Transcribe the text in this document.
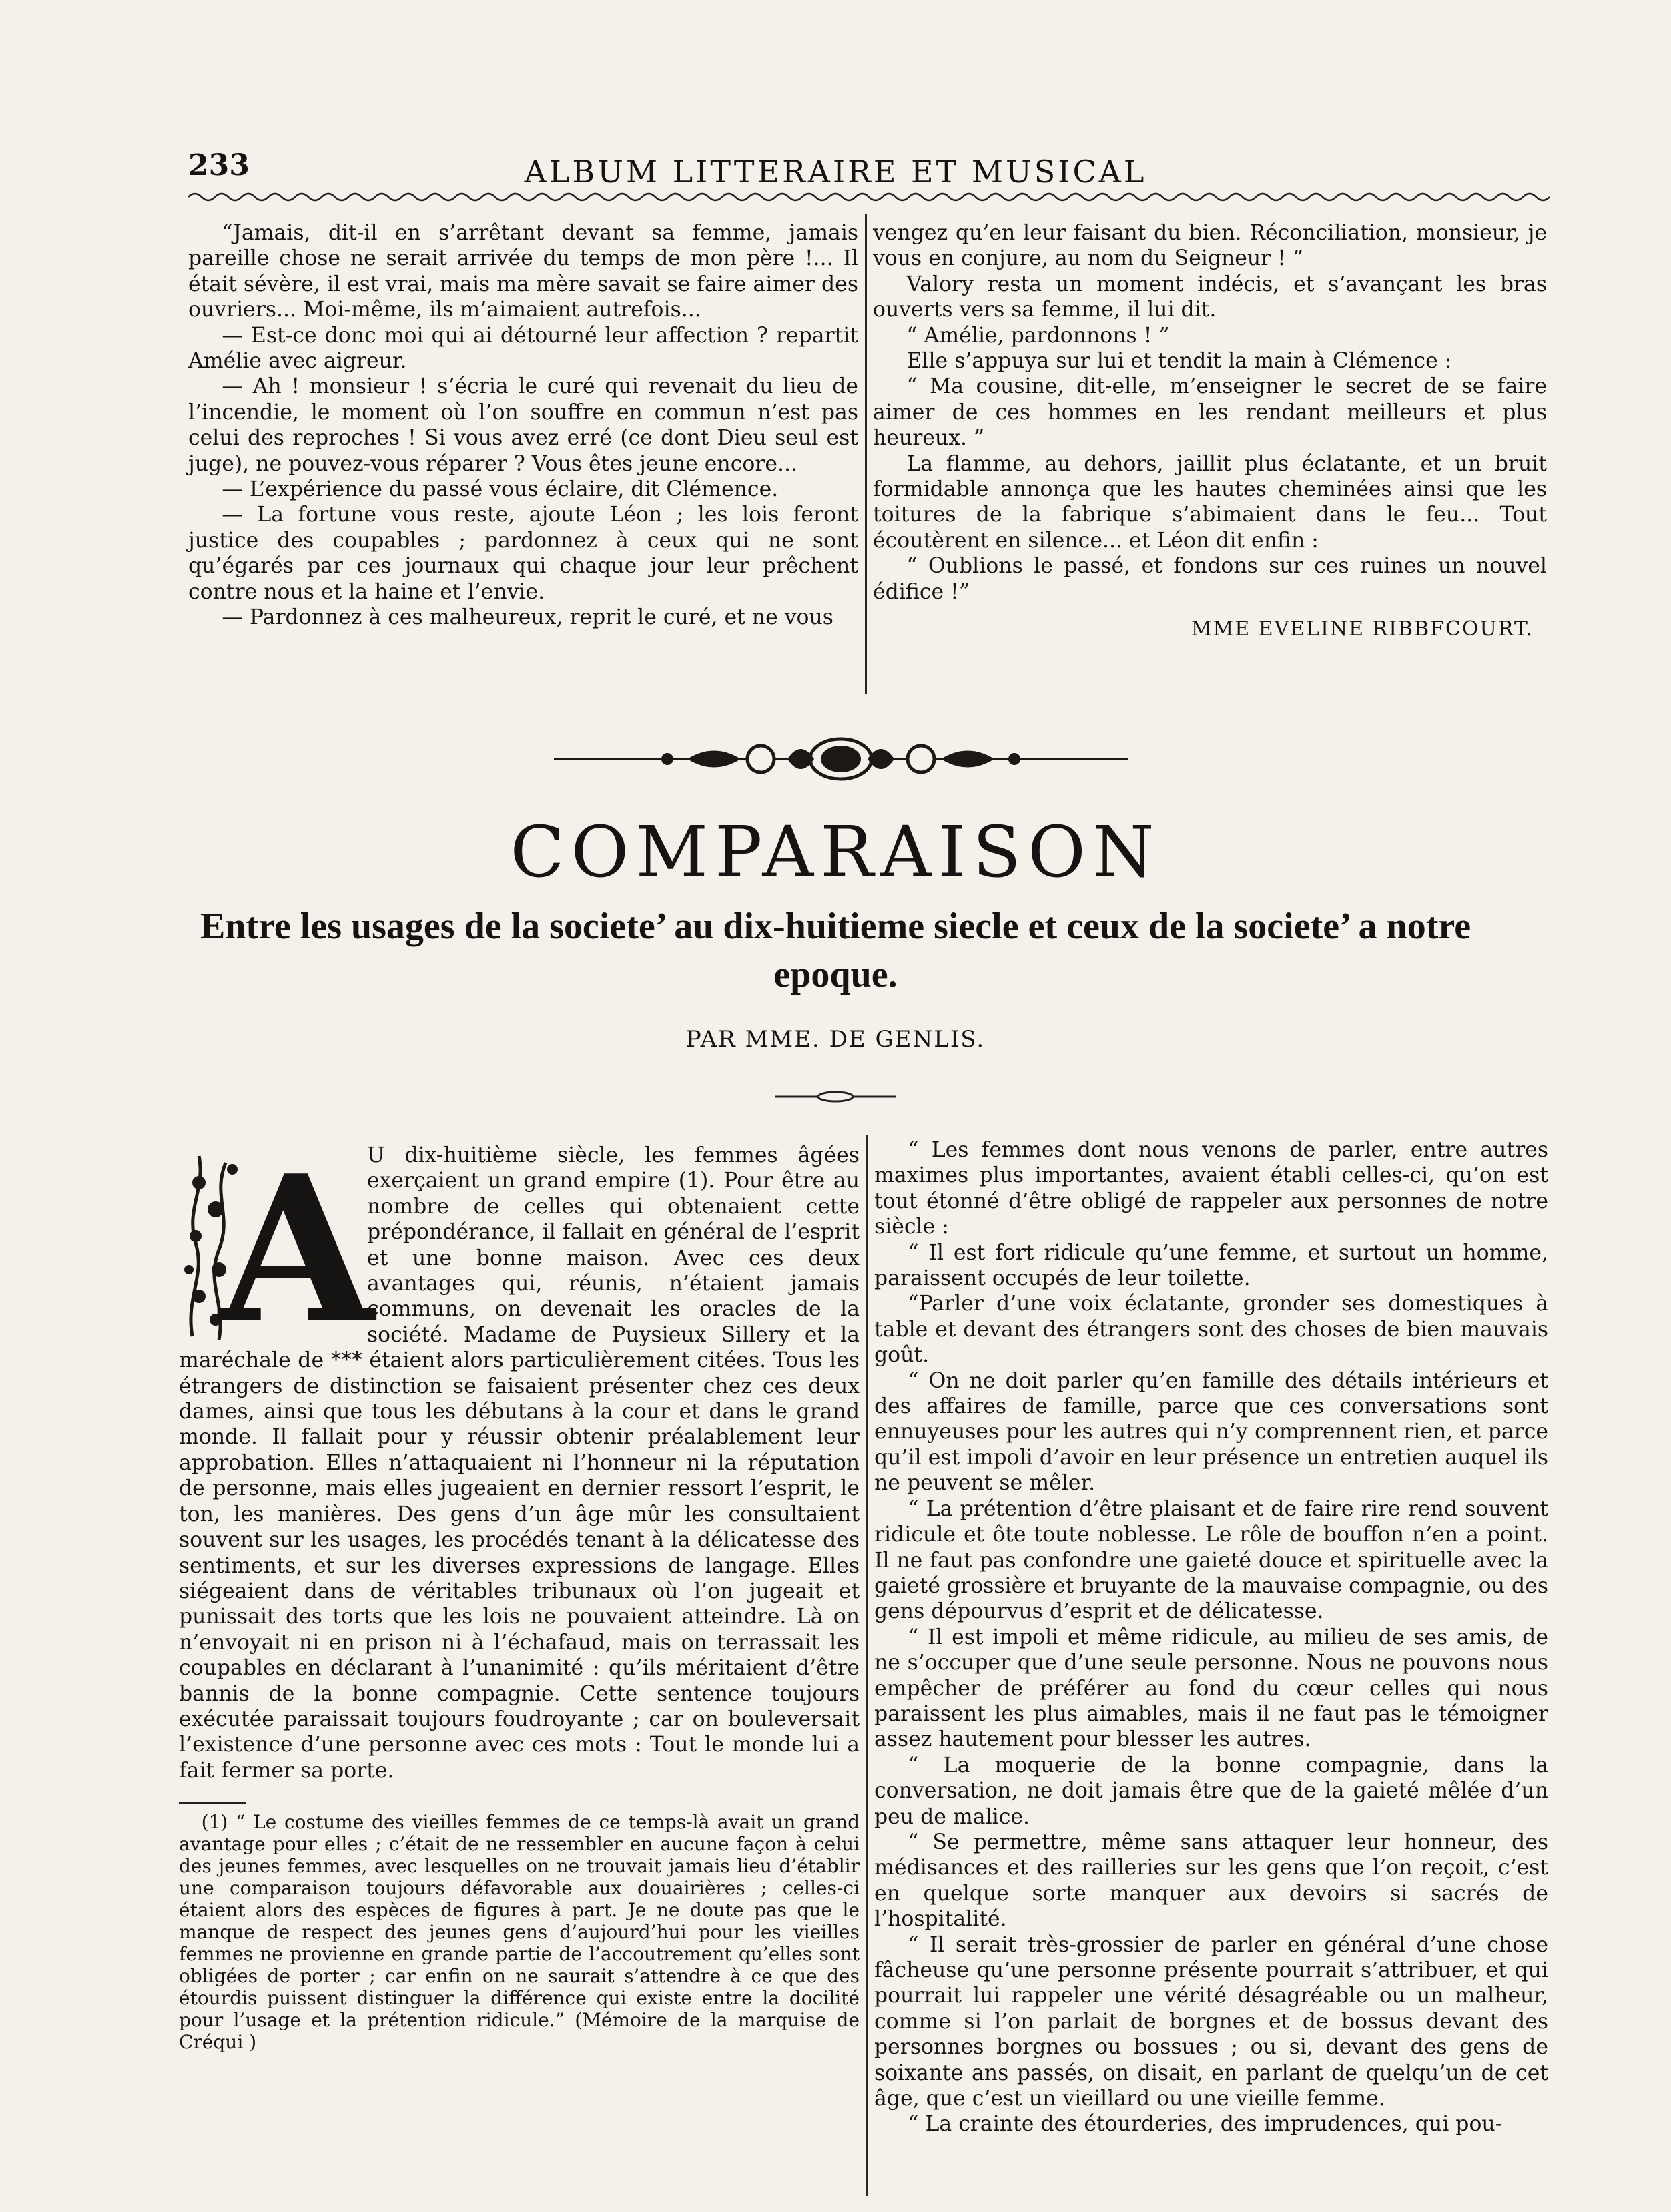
233	ALBUM LITTERAIRE ET MUSICAL

“Jamais, dit-il en s’arrêtant devant sa femme, jamais pareille chose ne serait arrivée du temps de mon père !... Il était sévère, il est vrai, mais ma mère savait se faire aimer des ouvriers... Moi-même, ils m’aimaient autrefois...

— Est-ce donc moi qui ai détourné leur affection ? repartit Amélie avec aigreur.

— Ah ! monsieur ! s’écria le curé qui revenait du lieu de l’incendie, le moment où l’on souffre en commun n’est pas celui des reproches ! Si vous avez erré (ce dont Dieu seul est juge), ne pouvez-vous réparer ? Vous êtes jeune encore...

— L’expérience du passé vous éclaire, dit Clémence.

— La fortune vous reste, ajoute Léon ; les lois feront justice des coupables ; pardonnez à ceux qui ne sont qu’égarés par ces journaux qui chaque jour leur prêchent contre nous et la haine et l’envie.

— Pardonnez à ces malheureux, reprit le curé, et ne vous

vengez qu’en leur faisant du bien. Réconciliation, monsieur, je vous en conjure, au nom du Seigneur ! ”

Valory resta un moment indécis, et s’avançant les bras ouverts vers sa femme, il lui dit.

“ Amélie, pardonnons ! ”

Elle s’appuya sur lui et tendit la main à Clémence :

“ Ma cousine, dit-elle, m’enseigner le secret de se faire aimer de ces hommes en les rendant meilleurs et plus heureux. ”

La flamme, au dehors, jaillit plus éclatante, et un bruit formidable annonça que les hautes cheminées ainsi que les toitures de la fabrique s’abimaient dans le feu... Tout écoutèrent en silence... et Léon dit enfin :

“ Oublions le passé, et fondons sur ces ruines un nouvel édifice !”

MME EVELINE RIBBFCOURT.
COMPARAISON
Entre les usages de la societe’ au dix-huitieme siecle et ceux de la societe’ a notre epoque.
PAR MME. DE GENLIS.
A

U dix-huitième siècle, les femmes âgées exerçaient un grand empire (1). Pour être au nombre de celles qui obtenaient cette prépondérance, il fallait en général de l’esprit et une bonne maison. Avec ces deux avantages qui, réunis, n’étaient jamais communs, on devenait les oracles de la société. Madame de Puysieux Sillery et la maréchale de *** étaient alors particulièrement citées. Tous les étrangers de distinction se faisaient présenter chez ces deux dames, ainsi que tous les débutans à la cour et dans le grand monde. Il fallait pour y réussir obtenir préalablement leur approbation. Elles n’attaquaient ni l’honneur ni la réputation de personne, mais elles jugeaient en dernier ressort l’esprit, le ton, les manières. Des gens d’un âge mûr les consultaient souvent sur les usages, les procédés tenant à la délicatesse des sentiments, et sur les diverses expressions de langage. Elles siégeaient dans de véritables tribunaux où l’on jugeait et punissait des torts que les lois ne pouvaient atteindre. Là on n’envoyait ni en prison ni à l’échafaud, mais on terrassait les coupables en déclarant à l’unanimité : qu’ils méritaient d’être bannis de la bonne compagnie. Cette sentence toujours exécutée paraissait toujours foudroyante ; car on bouleversait l’existence d’une personne avec ces mots : Tout le monde lui a fait fermer sa porte.

(1) “ Le costume des vieilles femmes de ce temps-là avait un grand avantage pour elles ; c’était de ne ressembler en aucune façon à celui des jeunes femmes, avec lesquelles on ne trouvait jamais lieu d’établir une comparaison toujours défavorable aux douairières ; celles-ci étaient alors des espèces de figures à part. Je ne doute pas que le manque de respect des jeunes gens d’aujourd’hui pour les vieilles femmes ne provienne en grande partie de l’accoutrement qu’elles sont obligées de porter ; car enfin on ne saurait s’attendre à ce que des étourdis puissent distinguer la différence qui existe entre la docilité pour l’usage et la prétention ridicule.” (Mémoire de la marquise de Créqui )

“ Les femmes dont nous venons de parler, entre autres maximes plus importantes, avaient établi celles-ci, qu’on est tout étonné d’être obligé de rappeler aux personnes de notre siècle :

“ Il est fort ridicule qu’une femme, et surtout un homme, paraissent occupés de leur toilette.

“Parler d’une voix éclatante, gronder ses domestiques à table et devant des étrangers sont des choses de bien mauvais goût.

“ On ne doit parler qu’en famille des détails intérieurs et des affaires de famille, parce que ces conversations sont ennuyeuses pour les autres qui n’y comprennent rien, et parce qu’il est impoli d’avoir en leur présence un entretien auquel ils ne peuvent se mêler.

“ La prétention d’être plaisant et de faire rire rend souvent ridicule et ôte toute noblesse. Le rôle de bouffon n’en a point. Il ne faut pas confondre une gaieté douce et spirituelle avec la gaieté grossière et bruyante de la mauvaise compagnie, ou des gens dépourvus d’esprit et de délicatesse.

“ Il est impoli et même ridicule, au milieu de ses amis, de ne s’occuper que d’une seule personne. Nous ne pouvons nous empêcher de préférer au fond du cœur celles qui nous paraissent les plus aimables, mais il ne faut pas le témoigner assez hautement pour blesser les autres.

“ La moquerie de la bonne compagnie, dans la conversation, ne doit jamais être que de la gaieté mêlée d’un peu de malice.

“ Se permettre, même sans attaquer leur honneur, des médisances et des railleries sur les gens que l’on reçoit, c’est en quelque sorte manquer aux devoirs si sacrés de l’hospitalité.

“ Il serait très-grossier de parler en général d’une chose fâcheuse qu’une personne présente pourrait s’attribuer, et qui pourrait lui rappeler une vérité désagréable ou un malheur, comme si l’on parlait de borgnes et de bossus devant des personnes borgnes ou bossues ; ou si, devant des gens de soixante ans passés, on disait, en parlant de quelqu’un de cet âge, que c’est un vieillard ou une vieille femme.

“ La crainte des étourderies, des imprudences, qui pou-
